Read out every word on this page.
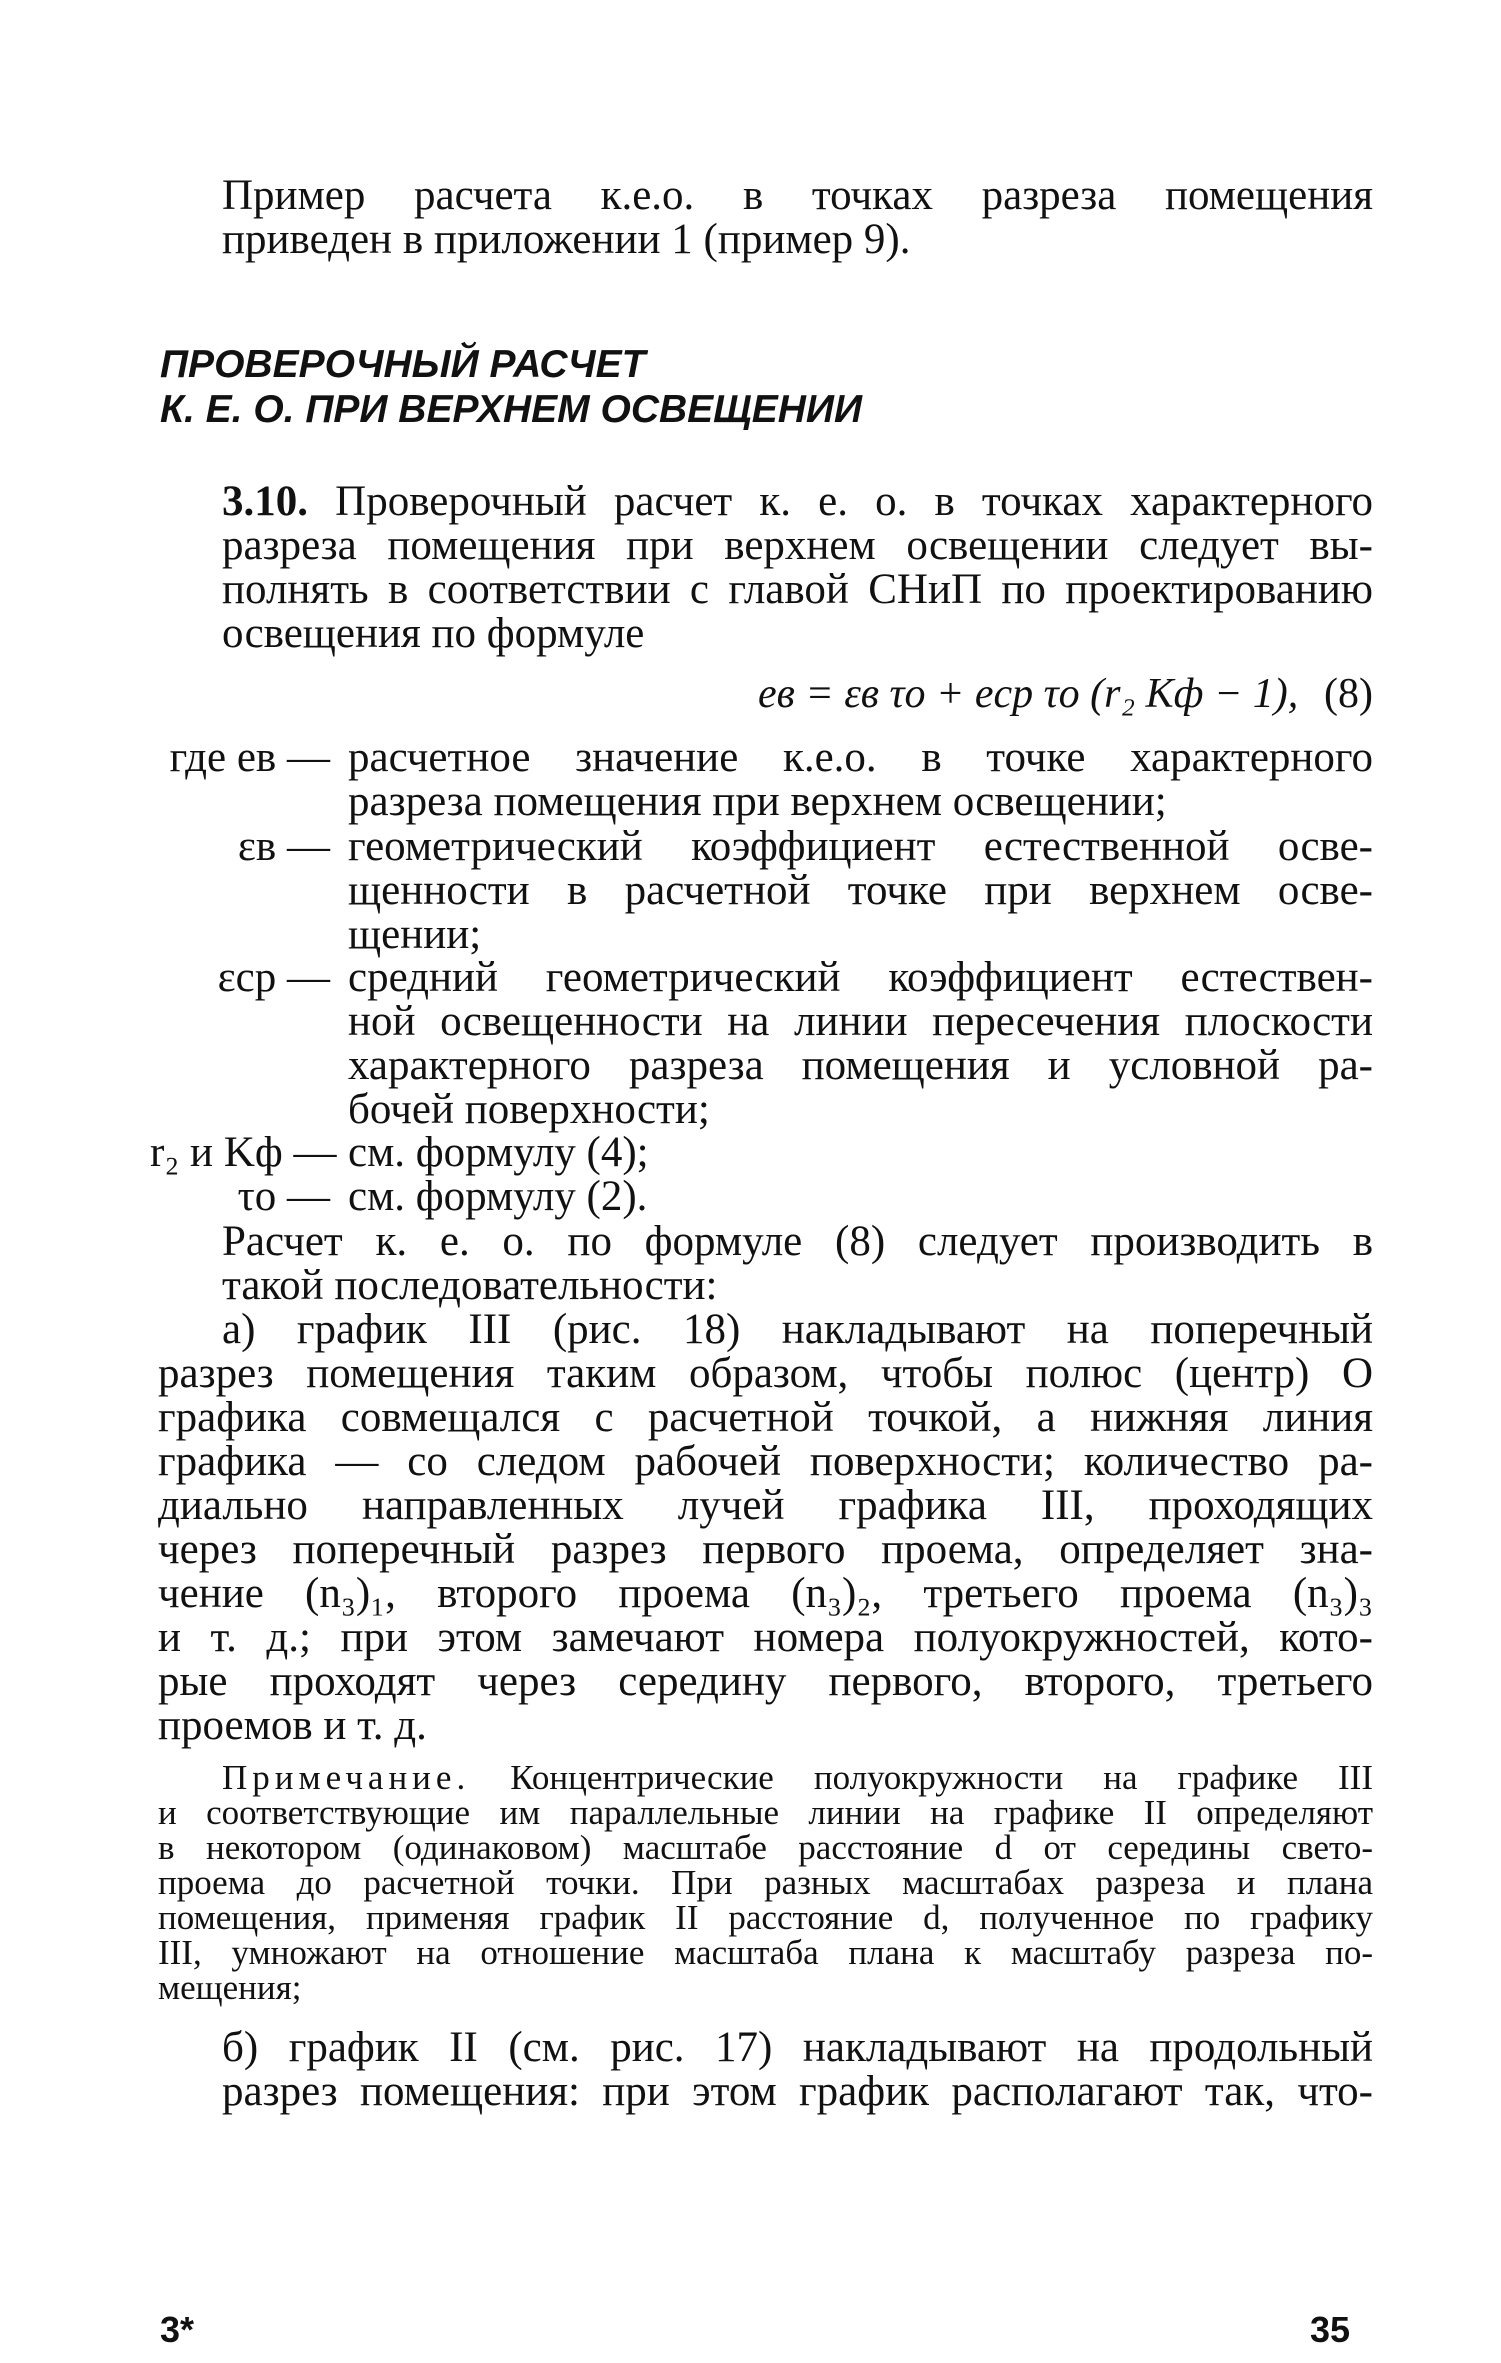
Пример расчета к.е.о. в точках разреза помещения
приведен в приложении 1 (пример 9).
ПРОВЕРОЧНЫЙ РАСЧЕТ
К. Е. О. ПРИ ВЕРХНЕМ ОСВЕЩЕНИИ
3.10. Проверочный расчет к. е. о. в точках характерного
разреза помещения при верхнем освещении следует вы-
полнять в соответствии с главой СНиП по проектированию
освещения по формуле
eв = εв τо + eср τо (r₂ Kф − 1), (8)
где eв — расчетное значение к.е.о. в точке характерного
разреза помещения при верхнем освещении;
εв — геометрический коэффициент естественной осве-
щенности в расчетной точке при верхнем осве-
щении;
εср — средний геометрический коэффициент естествен-
ной освещенности на линии пересечения плоскости
характерного разреза помещения и условной ра-
бочей поверхности;
r₂ и Kф — см. формулу (4);
τо — см. формулу (2).
Расчет к. е. о. по формуле (8) следует производить в
такой последовательности:
а) график III (рис. 18) накладывают на поперечный
разрез помещения таким образом, чтобы полюс (центр) О
графика совмещался с расчетной точкой, а нижняя линия
графика — со следом рабочей поверхности; количество ра-
диально направленных лучей графика III, проходящих
через поперечный разрез первого проема, определяет зна-
чение (n₃)₁, второго проема (n₃)₂, третьего проема (n₃)₃
и т. д.; при этом замечают номера полуокружностей, кото-
рые проходят через середину первого, второго, третьего
проемов и т. д.
Примечание. Концентрические полуокружности на графике III
и соответствующие им параллельные линии на графике II определяют
в некотором (одинаковом) масштабе расстояние d от середины свето-
проема до расчетной точки. При разных масштабах разреза и плана
помещения, применяя график II расстояние d, полученное по графику
III, умножают на отношение масштаба плана к масштабу разреза по-
мещения;
б) график II (см. рис. 17) накладывают на продольный
разрез помещения: при этом график располагают так, что-
3*	35
